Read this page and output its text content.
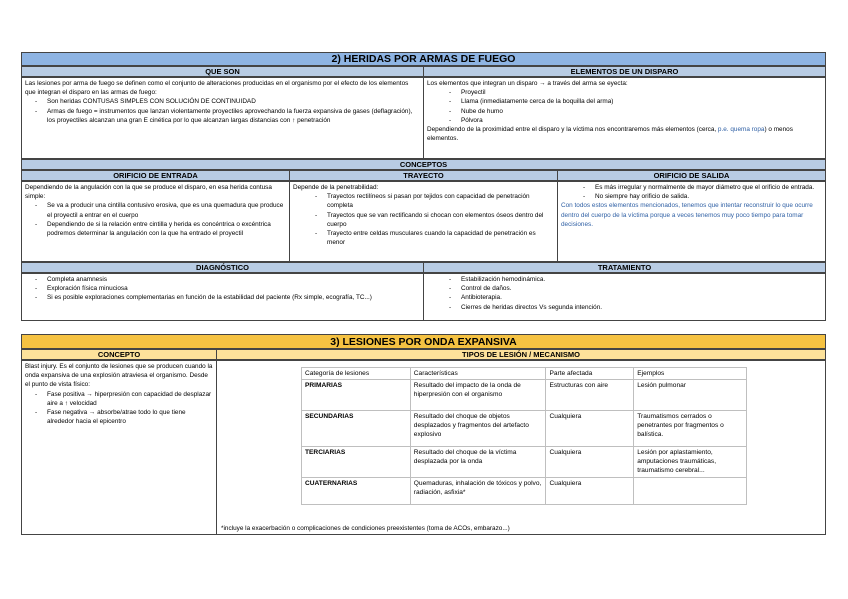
2) HERIDAS POR ARMAS DE FUEGO
QUE SON	ELEMENTOS DE UN DISPARO
Las lesiones por arma de fuego se definen como el conjunto de alteraciones producidas en el organismo por el efecto de los elementos que integran el disparo en las armas de fuego:
- Son heridas CONTUSAS SIMPLES CON SOLUCIÓN DE CONTINUIDAD
- Armas de fuego = instrumentos que lanzan violentamente proyectiles aprovechando la fuerza expansiva de gases (deflagración), los proyectiles alcanzan una gran E cinética por lo que alcanzan largas distancias con ↑ penetración
Los elementos que integran un disparo → a través del arma se eyecta:
- Proyectil
- Llama (inmediatamente cerca de la boquilla del arma)
- Nube de humo
- Pólvora
Dependiendo de la proximidad entre el disparo y la víctima nos encontraremos más elementos (cerca, p.e. quema ropa) o menos elementos.
CONCEPTOS
ORIFICIO DE ENTRADA	TRAYECTO	ORIFICIO DE SALIDA
Dependiendo de la angulación con la que se produce el disparo, en esa herida contusa simple:
- Se va a producir una cintilla contusivo erosiva, que es una quemadura que produce el proyectil a entrar en el cuerpo
- Dependiendo de si la relación entre cintilla y herida es concéntrica o excéntrica podremos determinar la angulación con la que ha entrado el proyectil
Depende de la penetrabilidad:
- Trayectos rectilíneos si pasan por tejidos con capacidad de penetración completa
- Trayectos que se van rectificando si chocan con elementos óseos dentro del cuerpo
- Trayecto entre celdas musculares cuando la capacidad de penetración es menor
- Es más irregular y normalmente de mayor diámetro que el orificio de entrada.
- No siempre hay orificio de salida.
Con todos estos elementos mencionados, tenemos que intentar reconstruir lo que ocurre dentro del cuerpo de la víctima porque a veces tenemos muy poco tiempo para tomar decisiones.
DIAGNÓSTICO	TRATAMIENTO
- Completa anamnesis
- Exploración física minuciosa
- Si es posible exploraciones complementarias en función de la estabilidad del paciente (Rx simple, ecografía, TC...)
- Estabilización hemodinámica.
- Control de daños.
- Antibioterapia.
- Cierres de heridas directos Vs segunda intención.
3) LESIONES POR ONDA EXPANSIVA
CONCEPTO	TIPOS DE LESIÓN / MECANISMO
Blast injury. Es el conjunto de lesiones que se producen cuando la onda expansiva de una explosión atraviesa el organismo. Desde el punto de vista físico:
- Fase positiva → hiperpresión con capacidad de desplazar aire a ↑ velocidad
- Fase negativa → absorbe/atrae todo lo que tiene alrededor hacia el epicentro
Categoría de lesiones	Características	Parte afectada	Ejemplos
PRIMARIAS	Resultado del impacto de la onda de hiperpresión con el organismo	Estructuras con aire	Lesión pulmonar
SECUNDARIAS	Resultado del choque de objetos desplazados y fragmentos del artefacto explosivo	Cualquiera	Traumatismos cerrados o penetrantes por fragmentos o balística.
TERCIARIAS	Resultado del choque de la víctima desplazada por la onda	Cualquiera	Lesión por aplastamiento, amputaciones traumáticas, traumatismo cerebral...
CUATERNARIAS	Quemaduras, inhalación de tóxicos y polvo, radiación, asfixia*	Cualquiera	
*incluye la exacerbación o complicaciones de condiciones preexistentes (toma de ACOs, embarazo...)
